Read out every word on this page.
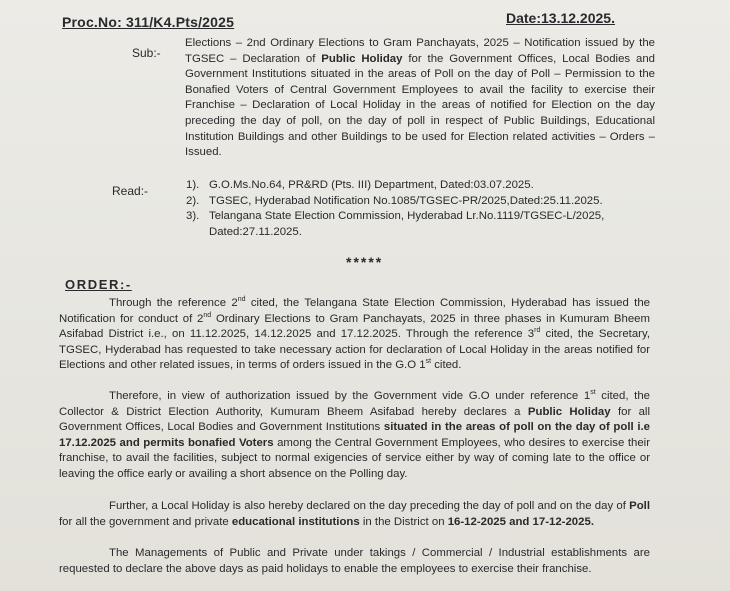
Proc.No: 311/K4.Pts/2025	Date:13.12.2025.
Sub:-
Elections – 2nd Ordinary Elections to Gram Panchayats, 2025 – Notification issued by the TGSEC – Declaration of Public Holiday for the Government Offices, Local Bodies and Government Institutions situated in the areas of Poll on the day of Poll – Permission to the Bonafied Voters of Central Government Employees to avail the facility to exercise their Franchise – Declaration of Local Holiday in the areas of notified for Election on the day preceding the day of poll, on the day of poll in respect of Public Buildings, Educational Institution Buildings and other Buildings to be used for Election related activities – Orders – Issued.
Read:-	1). G.O.Ms.No.64, PR&RD (Pts. III) Department, Dated:03.07.2025.
2). TGSEC, Hyderabad Notification No.1085/TGSEC-PR/2025,Dated:25.11.2025.
3). Telangana State Election Commission, Hyderabad Lr.No.1119/TGSEC-L/2025, Dated:27.11.2025.
*****
ORDER:-

Through the reference 2nd cited, the Telangana State Election Commission, Hyderabad has issued the Notification for conduct of 2nd Ordinary Elections to Gram Panchayats, 2025 in three phases in Kumuram Bheem Asifabad District i.e., on 11.12.2025, 14.12.2025 and 17.12.2025. Through the reference 3rd cited, the Secretary, TGSEC, Hyderabad has requested to take necessary action for declaration of Local Holiday in the areas notified for Elections and other related issues, in terms of orders issued in the G.O 1st cited.

Therefore, in view of authorization issued by the Government vide G.O under reference 1st cited, the Collector & District Election Authority, Kumuram Bheem Asifabad hereby declares a Public Holiday for all Government Offices, Local Bodies and Government Institutions situated in the areas of poll on the day of poll i.e 17.12.2025 and permits bonafied Voters among the Central Government Employees, who desires to exercise their franchise, to avail the facilities, subject to normal exigencies of service either by way of coming late to the office or leaving the office early or availing a short absence on the Polling day.

Further, a Local Holiday is also hereby declared on the day preceding the day of poll and on the day of Poll for all the government and private educational institutions in the District on 16-12-2025 and 17-12-2025.

The Managements of Public and Private under takings / Commercial / Industrial establishments are requested to declare the above days as paid holidays to enable the employees to exercise their franchise.
